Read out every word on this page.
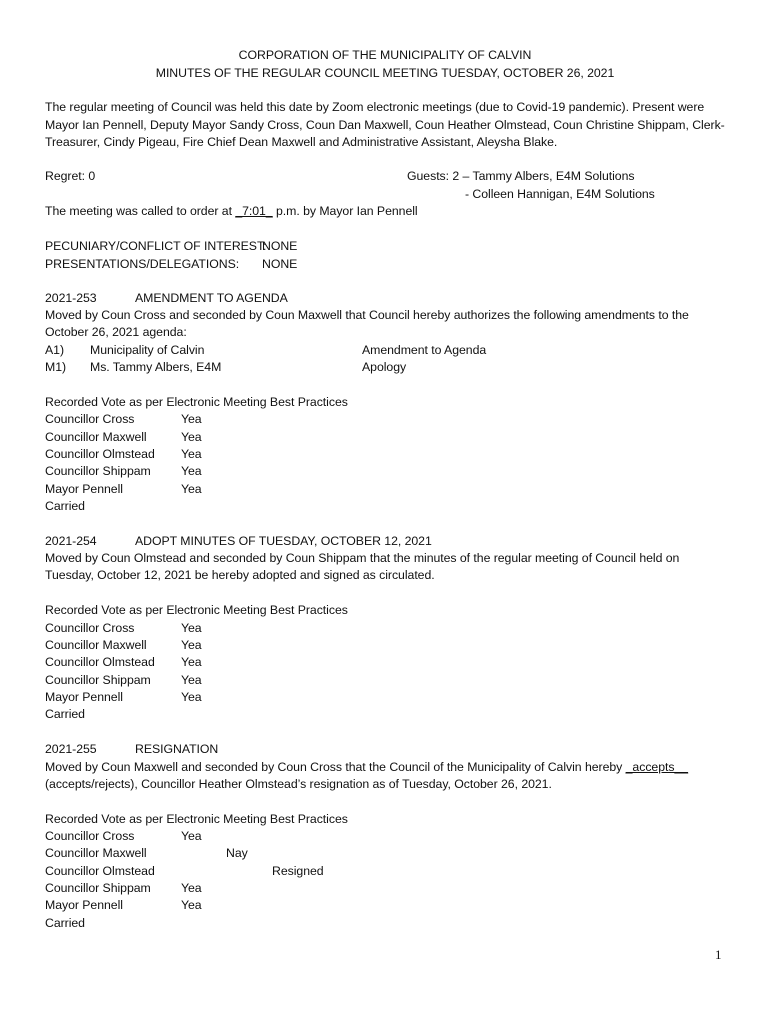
CORPORATION OF THE MUNICIPALITY OF CALVIN
MINUTES OF THE REGULAR COUNCIL MEETING TUESDAY, OCTOBER 26, 2021
The regular meeting of Council was held this date by Zoom electronic meetings (due to Covid-19 pandemic). Present were Mayor Ian Pennell, Deputy Mayor Sandy Cross, Coun Dan Maxwell, Coun Heather Olmstead, Coun Christine Shippam, Clerk-Treasurer, Cindy Pigeau, Fire Chief Dean Maxwell and Administrative Assistant, Aleysha Blake.
Regret: 0	Guests: 2 – Tammy Albers, E4M Solutions
- Colleen Hannigan, E4M Solutions
The meeting was called to order at _7:01_ p.m. by Mayor Ian Pennell
PECUNIARY/CONFLICT OF INTEREST:
NONE
PRESENTATIONS/DELEGATIONS: NONE
2021-253	AMENDMENT TO AGENDA
Moved by Coun Cross and seconded by Coun Maxwell that Council hereby authorizes the following amendments to the October 26, 2021 agenda:
A1) Municipality of Calvin	Amendment to Agenda
M1) Ms. Tammy Albers, E4M	Apology
Recorded Vote as per Electronic Meeting Best Practices
Councillor Cross	Yea
Councillor Maxwell	Yea
Councillor Olmstead Yea
Councillor Shippam Yea
Mayor Pennell	Yea
Carried
2021-254	ADOPT MINUTES OF TUESDAY, OCTOBER 12, 2021
Moved by Coun Olmstead and seconded by Coun Shippam that the minutes of the regular meeting of Council held on Tuesday, October 12, 2021 be hereby adopted and signed as circulated.
Recorded Vote as per Electronic Meeting Best Practices
Councillor Cross	Yea
Councillor Maxwell	Yea
Councillor Olmstead Yea
Councillor Shippam Yea
Mayor Pennell	Yea
Carried
2021-255	RESIGNATION
Moved by Coun Maxwell and seconded by Coun Cross that the Council of the Municipality of Calvin hereby _accepts__ (accepts/rejects), Councillor Heather Olmstead’s resignation as of Tuesday, October 26, 2021.
Recorded Vote as per Electronic Meeting Best Practices
Councillor Cross	Yea
Councillor Maxwell	Nay
Councillor Olmstead	Resigned
Councillor Shippam Yea
Mayor Pennell	Yea
Carried
1
